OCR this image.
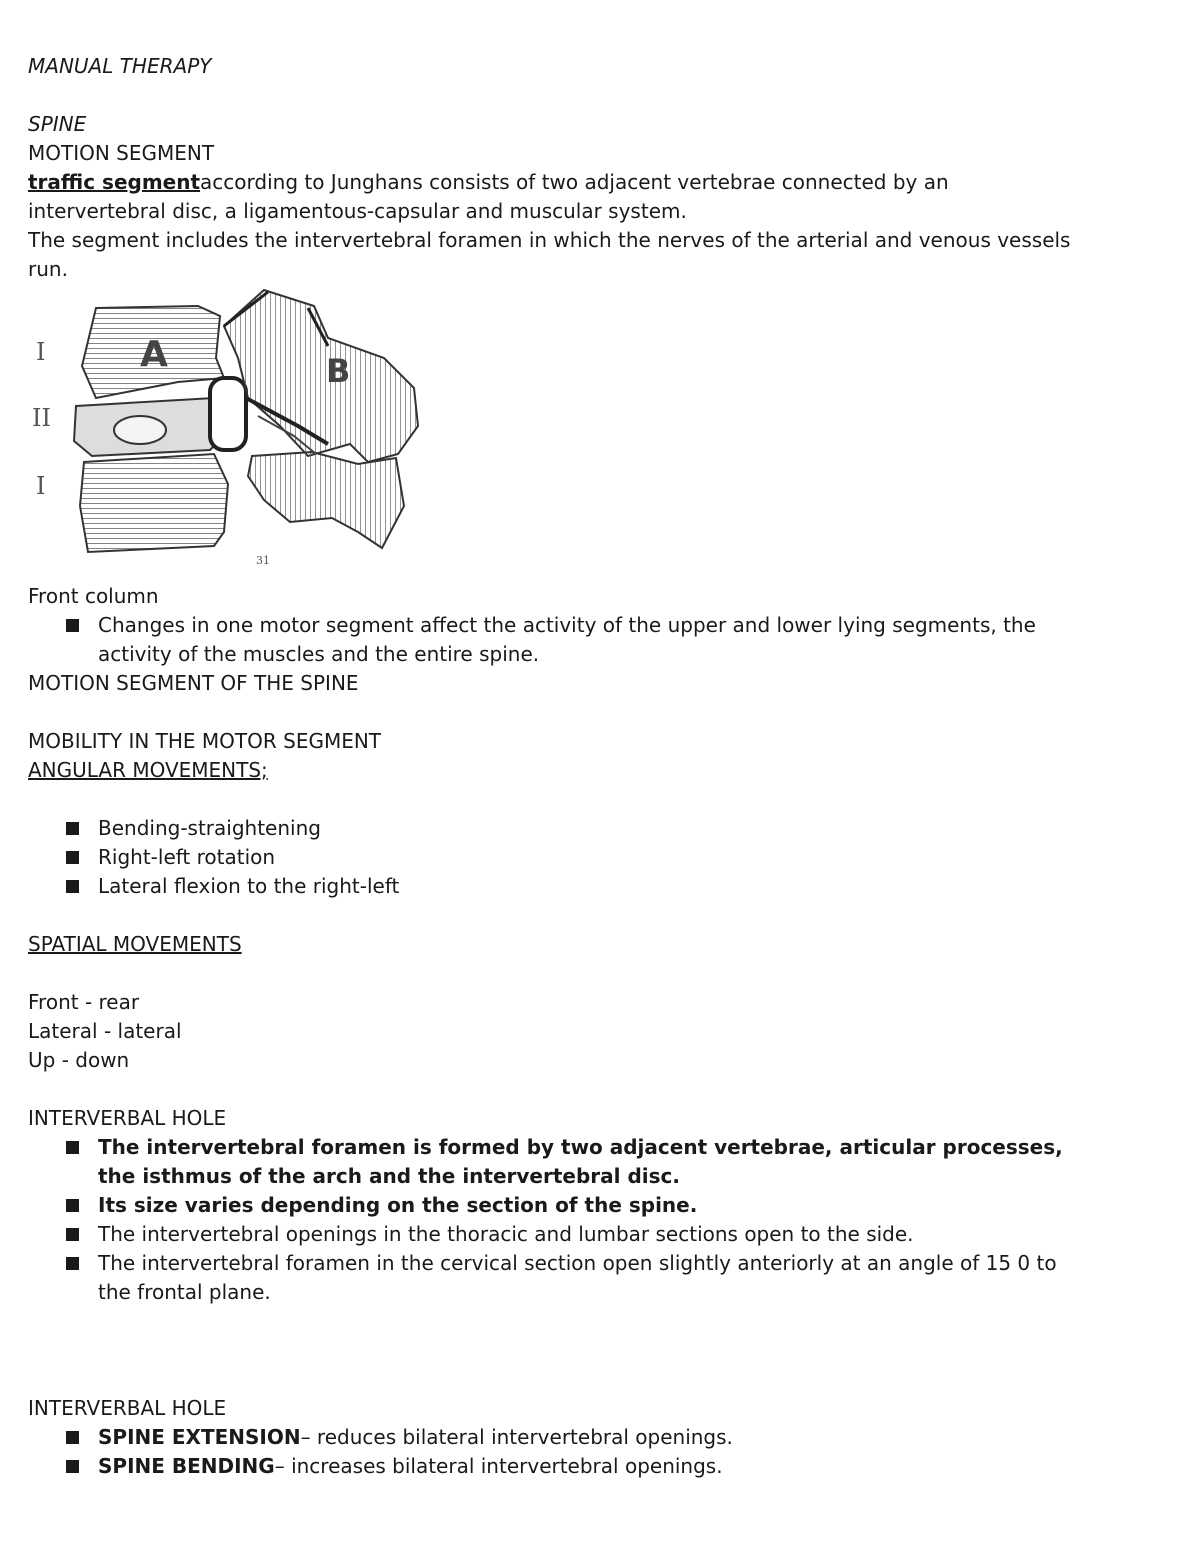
MANUAL THERAPY

SPINE

MOTION SEGMENT

traffic segmentaccording to Junghans consists of two adjacent vertebrae connected by an

intervertebral disc, a ligamentous-capsular and muscular system.

The segment includes the intervertebral foramen in which the nerves of the arterial and venous vessels

run.

A	B
I
II
I
31

Front column

Changes in one motor segment affect the activity of the upper and lower lying segments, the
activity of the muscles and the entire spine.

MOTION SEGMENT OF THE SPINE

MOBILITY IN THE MOTOR SEGMENT

ANGULAR MOVEMENTS;

Bending-straightening
Right-left rotation
Lateral flexion to the right-left

SPATIAL MOVEMENTS

Front - rear

Lateral - lateral

Up - down

INTERVERBAL HOLE

The intervertebral foramen is formed by two adjacent vertebrae, articular processes,
the isthmus of the arch and the intervertebral disc.
Its size varies depending on the section of the spine.
The intervertebral openings in the thoracic and lumbar sections open to the side.
The intervertebral foramen in the cervical section open slightly anteriorly at an angle of 15 0 to
the frontal plane.

INTERVERBAL HOLE

SPINE EXTENSION– reduces bilateral intervertebral openings.
SPINE BENDING– increases bilateral intervertebral openings.
